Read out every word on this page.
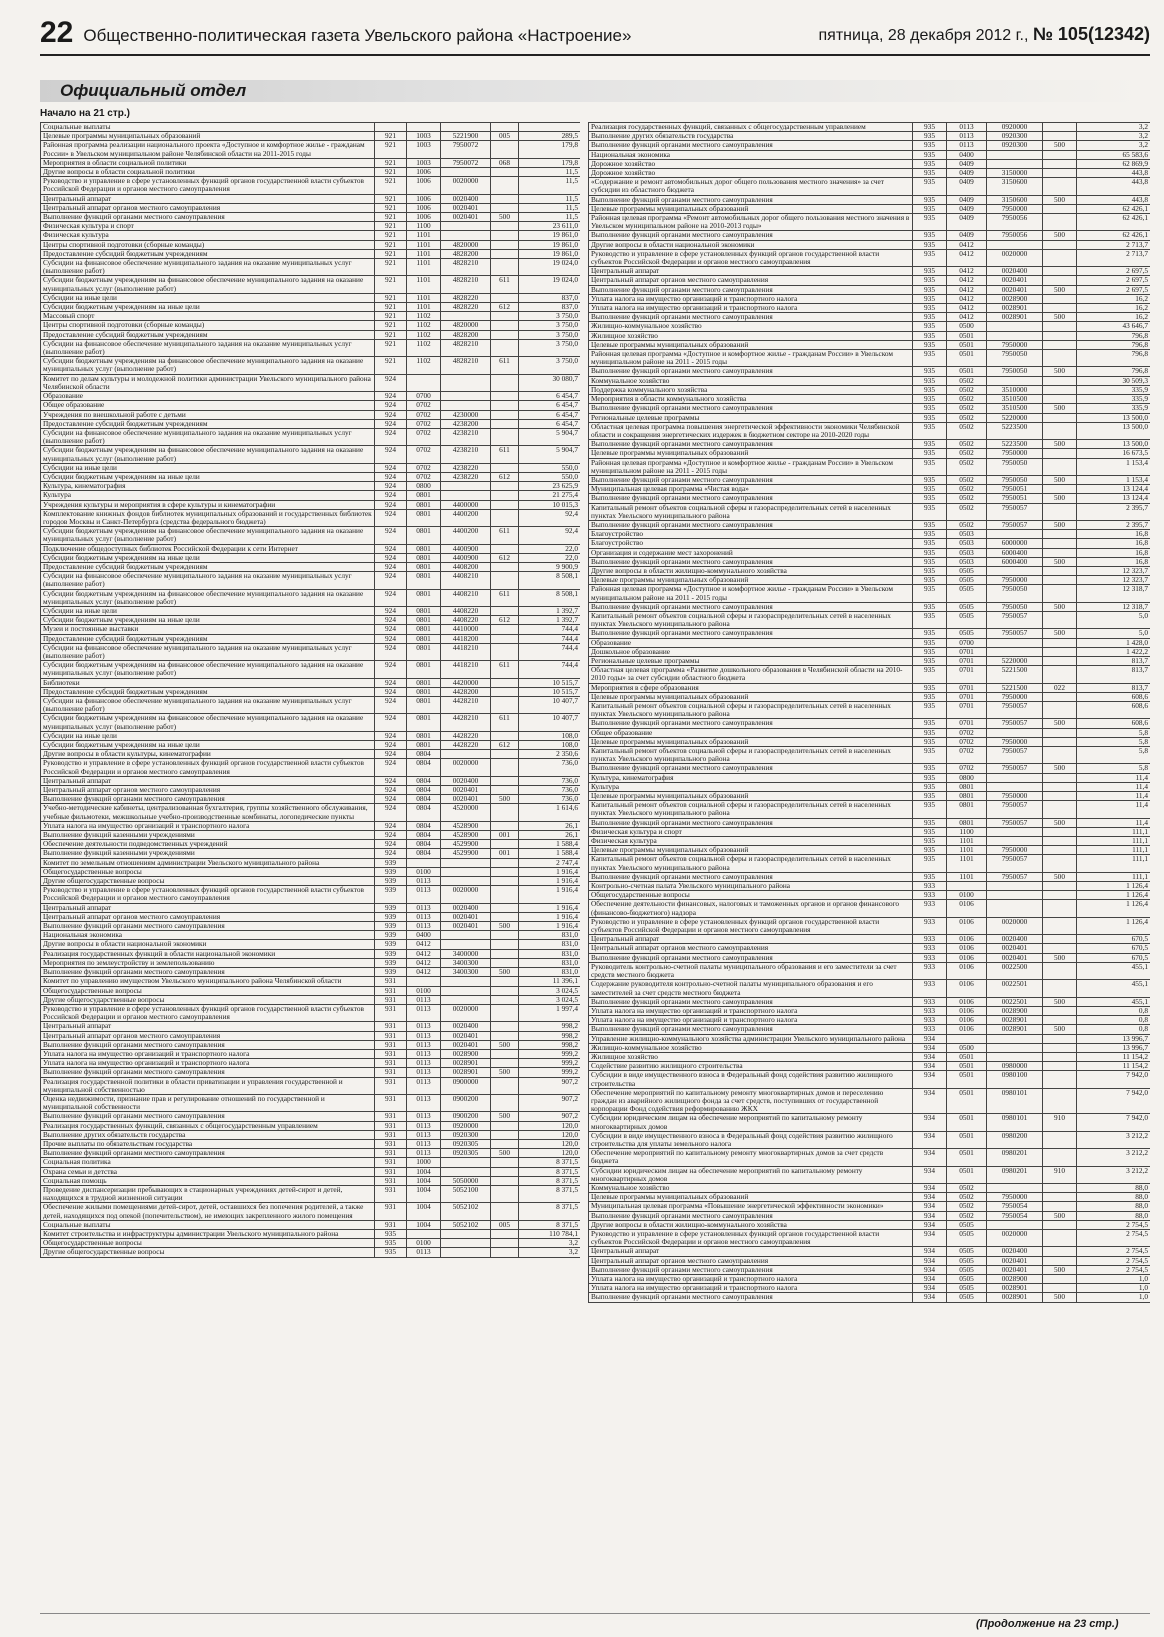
22 Общественно-политическая газета Увельского района «Настроение»	пятница, 28 декабря 2012 г., № 105(12342)
Официальный отдел
Начало на 21 стр.)
Социальные выплаты					
Целевые программы муниципальных образований	921	1003	5221900	005	289,5
Районная программа реализации национального проекта «Доступное и комфортное жилье - гражданам России» в Увельском муниципальном районе Челябинской области на 2011-2015 годы	921	1003	7950072		179,8
Мероприятия в области социальной политики	921	1003	7950072	068	179,8
Другие вопросы в области социальной политики	921	1006			11,5
Руководство и управление в сфере установленных функций органов государственной власти субъектов Российской Федерации и органов местного самоуправления	921	1006	0020000		11,5
Центральный аппарат	921	1006	0020400		11,5
Центральный аппарат органов местного самоуправления	921	1006	0020401		11,5
Выполнение функций органами местного самоуправления	921	1006	0020401	500	11,5
Физическая культура и спорт	921	1100			23 611,0
Физическая культура	921	1101			19 861,0
Центры спортивной подготовки (сборные команды)	921	1101	4820000		19 861,0
Предоставление субсидий бюджетным учреждениям	921	1101	4828200		19 861,0
Субсидии на финансовое обеспечение муниципального задания на оказание муниципальных услуг (выполнение работ)	921	1101	4828210		19 024,0
Субсидии бюджетным учреждениям на финансовое обеспечение муниципального задания на оказание муниципальных услуг (выполнение работ)	921	1101	4828210	611	19 024,0
Субсидии на иные цели	921	1101	4828220		837,0
Субсидии бюджетным учреждениям на иные цели	921	1101	4828220	612	837,0
Массовый спорт	921	1102			3 750,0
Центры спортивной подготовки (сборные команды)	921	1102	4820000		3 750,0
Предоставление субсидий бюджетным учреждениям	921	1102	4828200		3 750,0
Субсидии на финансовое обеспечение муниципального задания на оказание муниципальных услуг (выполнение работ)	921	1102	4828210		3 750,0
Субсидии бюджетным учреждениям на финансовое обеспечение муниципального задания на оказание муниципальных услуг (выполнение работ)	921	1102	4828210	611	3 750,0
Комитет по делам культуры и молодежной политики администрации Увельского муниципального района Челябинской области	924				30 080,7
Образование	924	0700			6 454,7
Общее образование	924	0702			6 454,7
Учреждения по внешкольной работе с детьми	924	0702	4230000		6 454,7
Предоставление субсидий бюджетным учреждениям	924	0702	4238200		6 454,7
Субсидии на финансовое обеспечение муниципального задания на оказание муниципальных услуг (выполнение работ)	924	0702	4238210		5 904,7
Субсидии бюджетным учреждениям на финансовое обеспечение муниципального задания на оказание муниципальных услуг (выполнение работ)	924	0702	4238210	611	5 904,7
Субсидии на иные цели	924	0702	4238220		550,0
Субсидии бюджетным учреждениям на иные цели	924	0702	4238220	612	550,0
Культура, кинематография	924	0800			23 625,9
Культура	924	0801			21 275,4
Учреждения культуры и мероприятия в сфере культуры и кинематографии	924	0801	4400000		10 015,3
Комплектование книжных фондов библиотек муниципальных образований и государственных библиотек городов Москвы и Санкт-Петербурга (средства федерального бюджета)	924	0801	4400200		92,4
Субсидии бюджетным учреждениям на финансовое обеспечение муниципального задания на оказание муниципальных услуг (выполнение работ)	924	0801	4400200	611	92,4
Подключение общедоступных библиотек Российской Федерации к сети Интернет	924	0801	4400900		22,0
Субсидии бюджетным учреждениям на иные цели	924	0801	4400900	612	22,0
Предоставление субсидий бюджетным учреждениям	924	0801	4408200		9 900,9
Субсидии на финансовое обеспечение муниципального задания на оказание муниципальных услуг (выполнение работ)	924	0801	4408210		8 508,1
Субсидии бюджетным учреждениям на финансовое обеспечение муниципального задания на оказание муниципальных услуг (выполнение работ)	924	0801	4408210	611	8 508,1
Субсидии на иные цели	924	0801	4408220		1 392,7
Субсидии бюджетным учреждениям на иные цели	924	0801	4408220	612	1 392,7
Музеи и постоянные выставки	924	0801	4410000		744,4
Предоставление субсидий бюджетным учреждениям	924	0801	4418200		744,4
Субсидии на финансовое обеспечение муниципального задания на оказание муниципальных услуг (выполнение работ)	924	0801	4418210		744,4
Субсидии бюджетным учреждениям на финансовое обеспечение муниципального задания на оказание муниципальных услуг (выполнение работ)	924	0801	4418210	611	744,4
Библиотеки	924	0801	4420000		10 515,7
Предоставление субсидий бюджетным учреждениям	924	0801	4428200		10 515,7
Субсидии на финансовое обеспечение муниципального задания на оказание муниципальных услуг (выполнение работ)	924	0801	4428210		10 407,7
Субсидии бюджетным учреждениям на финансовое обеспечение муниципального задания на оказание муниципальных услуг (выполнение работ)	924	0801	4428210	611	10 407,7
Субсидии на иные цели	924	0801	4428220		108,0
Субсидии бюджетным учреждениям на иные цели	924	0801	4428220	612	108,0
Другие вопросы в области культуры, кинематографии	924	0804			2 350,6
Руководство и управление в сфере установленных функций органов государственной власти субъектов Российской Федерации и органов местного самоуправления	924	0804	0020000		736,0
Центральный аппарат	924	0804	0020400		736,0
Центральный аппарат органов местного самоуправления	924	0804	0020401		736,0
Выполнение функций органами местного самоуправления	924	0804	0020401	500	736,0
Учебно-методические кабинеты, централизованная бухгалтерия, группы хозяйственного обслуживания, учебные фильмотеки, межшкольные учебно-производственные комбинаты, логопедические пункты	924	0804	4520000		1 614,6
Уплата налога на имущество организаций и транспортного налога	924	0804	4528900		26,1
Выполнение функций казенными учреждениями	924	0804	4528900	001	26,1
Обеспечение деятельности подведомственных учреждений	924	0804	4529900		1 588,4
Выполнение функций казенными учреждениями	924	0804	4529900	001	1 588,4
Комитет по земельным отношениям администрации Увельского муниципального района	939				2 747,4
Общегосударственные вопросы	939	0100			1 916,4
Другие общегосударственные вопросы	939	0113			1 916,4
Руководство и управление в сфере установленных функций органов государственной власти субъектов Российской Федерации и органов местного самоуправления	939	0113	0020000		1 916,4
Центральный аппарат	939	0113	0020400		1 916,4
Центральный аппарат органов местного самоуправления	939	0113	0020401		1 916,4
Выполнение функций органами местного самоуправления	939	0113	0020401	500	1 916,4
Национальная экономика	939	0400			831,0
Другие вопросы в области национальной экономики	939	0412			831,0
Реализация государственных функций в области национальной экономики	939	0412	3400000		831,0
Мероприятия по землеустройству и землепользованию	939	0412	3400300		831,0
Выполнение функций органами местного самоуправления	939	0412	3400300	500	831,0
Комитет по управлению имуществом Увельского муниципального района Челябинской области	931				11 396,1
Общегосударственные вопросы	931	0100			3 024,5
Другие общегосударственные вопросы	931	0113			3 024,5
Руководство и управление в сфере установленных функций органов государственной власти субъектов Российской Федерации и органов местного самоуправления	931	0113	0020000		1 997,4
Центральный аппарат	931	0113	0020400		998,2
Центральный аппарат органов местного самоуправления	931	0113	0020401		998,2
Выполнение функций органами местного самоуправления	931	0113	0020401	500	998,2
Уплата налога на имущество организаций и транспортного налога	931	0113	0028900		999,2
Уплата налога на имущество организаций и транспортного налога	931	0113	0028901		999,2
Выполнение функций органами местного самоуправления	931	0113	0028901	500	999,2
Реализация государственной политики в области приватизации и управления государственной и муниципальной собственностью	931	0113	0900000		907,2
Оценка недвижимости, признание прав и регулирование отношений по государственной и муниципальной собственности	931	0113	0900200		907,2
Выполнение функций органами местного самоуправления	931	0113	0900200	500	907,2
Реализация государственных функций, связанных с общегосударственным управлением	931	0113	0920000		120,0
Выполнение других обязательств государства	931	0113	0920300		120,0
Прочие выплаты по обязательствам государства	931	0113	0920305		120,0
Выполнение функций органами местного самоуправления	931	0113	0920305	500	120,0
Социальная политика	931	1000			8 371,5
Охрана семьи и детства	931	1004			8 371,5
Социальная помощь	931	1004	5050000		8 371,5
Проведение диспансеризации пребывающих в стационарных учреждениях детей-сирот и детей, находящихся в трудной жизненной ситуации	931	1004	5052100		8 371,5
Обеспечение жилыми помещениями детей-сирот, детей, оставшихся без попечения родителей, а также детей, находящихся под опекой (попечительством), не имеющих закрепленного жилого помещения	931	1004	5052102		8 371,5
Социальные выплаты	931	1004	5052102	005	8 371,5
Комитет строительства и инфраструктуры администрации Увельского муниципального района	935				110 784,1
Общегосударственные вопросы	935	0100			3,2
Другие общегосударственные вопросы	935	0113			3,2
Реализация государственных функций, связанных с общегосударственным управлением	935	0113	0920000		3,2
Выполнение других обязательств государства	935	0113	0920300		3,2
Выполнение функций органами местного самоуправления	935	0113	0920300	500	3,2
Национальная экономика	935	0400			65 583,6
Дорожное хозяйство	935	0409			62 869,9
Дорожное хозяйство	935	0409	3150000		443,8
«Содержание и ремонт автомобильных дорог общего пользования местного значения» за счет субсидии из областного бюджета	935	0409	3150600		443,8
Выполнение функций органами местного самоуправления	935	0409	3150600	500	443,8
Целевые программы муниципальных образований	935	0409	7950000		62 426,1
Районная целевая программа «Ремонт автомобильных дорог общего пользования местного значения в Увельском муниципальном районе на 2010-2013 годы»	935	0409	7950056		62 426,1
Выполнение функций органами местного самоуправления	935	0409	7950056	500	62 426,1
Другие вопросы в области национальной экономики	935	0412			2 713,7
Руководство и управление в сфере установленных функций органов государственной власти субъектов Российской Федерации и органов местного самоуправления	935	0412	0020000		2 713,7
Центральный аппарат	935	0412	0020400		2 697,5
Центральный аппарат органов местного самоуправления	935	0412	0020401		2 697,5
Выполнение функций органами местного самоуправления	935	0412	0020401	500	2 697,5
Уплата налога на имущество организаций и транспортного налога	935	0412	0028900		16,2
Уплата налога на имущество организаций и транспортного налога	935	0412	0028901		16,2
Выполнение функций органами местного самоуправления	935	0412	0028901	500	16,2
Жилищно-коммунальное хозяйство	935	0500			43 646,7
Жилищное хозяйство	935	0501			796,8
Целевые программы муниципальных образований	935	0501	7950000		796,8
Районная целевая программа «Доступное и комфортное жилье - гражданам России» в Увельском муниципальном районе на 2011 - 2015 годы	935	0501	7950050		796,8
Выполнение функций органами местного самоуправления	935	0501	7950050	500	796,8
Коммунальное хозяйство	935	0502			30 509,3
Поддержка коммунального хозяйства	935	0502	3510000		335,9
Мероприятия в области коммунального хозяйства	935	0502	3510500		335,9
Выполнение функций органами местного самоуправления	935	0502	3510500	500	335,9
Региональные целевые программы	935	0502	5220000		13 500,0
Областная целевая программа повышения энергетической эффективности экономики Челябинской области и сокращения энергетических издержек в бюджетном секторе на 2010-2020 годы	935	0502	5223500		13 500,0
Выполнение функций органами местного самоуправления	935	0502	5223500	500	13 500,0
Целевые программы муниципальных образований	935	0502	7950000		16 673,5
Районная целевая программа «Доступное и комфортное жилье - гражданам России» в Увельском муниципальном районе на 2011 - 2015 годы	935	0502	7950050		1 153,4
Выполнение функций органами местного самоуправления	935	0502	7950050	500	1 153,4
Муниципальная целевая программа «Чистая вода»	935	0502	7950051		13 124,4
Выполнение функций органами местного самоуправления	935	0502	7950051	500	13 124,4
Капитальный ремонт объектов социальной сферы и газораспределительных сетей в населенных пунктах Увельского муниципального района	935	0502	7950057		2 395,7
Выполнение функций органами местного самоуправления	935	0502	7950057	500	2 395,7
Благоустройство	935	0503			16,8
Благоустройство	935	0503	6000000		16,8
Организация и содержание мест захоронений	935	0503	6000400		16,8
Выполнение функций органами местного самоуправления	935	0503	6000400	500	16,8
Другие вопросы в области жилищно-коммунального хозяйства	935	0505			12 323,7
Целевые программы муниципальных образований	935	0505	7950000		12 323,7
Районная целевая программа «Доступное и комфортное жилье - гражданам России» в Увельском муниципальном районе на 2011 - 2015 годы	935	0505	7950050		12 318,7
Выполнение функций органами местного самоуправления	935	0505	7950050	500	12 318,7
Капитальный ремонт объектов социальной сферы и газораспределительных сетей в населенных пунктах Увельского муниципального района	935	0505	7950057		5,0
Выполнение функций органами местного самоуправления	935	0505	7950057	500	5,0
Образование	935	0700			1 428,0
Дошкольное образование	935	0701			1 422,2
Региональные целевые программы	935	0701	5220000		813,7
Областная целевая программа «Развитие дошкольного образования в Челябинской области на 2010-2010 годы» за счет субсидии областного бюджета	935	0701	5221500		813,7
Мероприятия в сфере образования	935	0701	5221500	022	813,7
Целевые программы муниципальных образований	935	0701	7950000		608,6
Капитальный ремонт объектов социальной сферы и газораспределительных сетей в населенных пунктах Увельского муниципального района	935	0701	7950057		608,6
Выполнение функций органами местного самоуправления	935	0701	7950057	500	608,6
Общее образование	935	0702			5,8
Целевые программы муниципальных образований	935	0702	7950000		5,8
Капитальный ремонт объектов социальной сферы и газораспределительных сетей в населенных пунктах Увельского муниципального района	935	0702	7950057		5,8
Выполнение функций органами местного самоуправления	935	0702	7950057	500	5,8
Культура, кинематография	935	0800			11,4
Культура	935	0801			11,4
Целевые программы муниципальных образований	935	0801	7950000		11,4
Капитальный ремонт объектов социальной сферы и газораспределительных сетей в населенных пунктах Увельского муниципального района	935	0801	7950057		11,4
Выполнение функций органами местного самоуправления	935	0801	7950057	500	11,4
Физическая культура и спорт	935	1100			111,1
Физическая культура	935	1101			111,1
Целевые программы муниципальных образований	935	1101	7950000		111,1
Капитальный ремонт объектов социальной сферы и газораспределительных сетей в населенных пунктах Увельского муниципального района	935	1101	7950057		111,1
Выполнение функций органами местного самоуправления	935	1101	7950057	500	111,1
Контрольно-счетная палата Увельского муниципального района	933				1 126,4
Общегосударственные вопросы	933	0100			1 126,4
Обеспечение деятельности финансовых, налоговых и таможенных органов и органов финансового (финансово-бюджетного) надзора	933	0106			1 126,4
Руководство и управление в сфере установленных функций органов государственной власти субъектов Российской Федерации и органов местного самоуправления	933	0106	0020000		1 126,4
Центральный аппарат	933	0106	0020400		670,5
Центральный аппарат органов местного самоуправления	933	0106	0020401		670,5
Выполнение функций органами местного самоуправления	933	0106	0020401	500	670,5
Руководитель контрольно-счетной палаты муниципального образования и его заместители за счет средств местного бюджета	933	0106	0022500		455,1
Содержание руководителя контрольно-счетной палаты муниципального образования и его заместителей за счет средств местного бюджета	933	0106	0022501		455,1
Выполнение функций органами местного самоуправления	933	0106	0022501	500	455,1
Уплата налога на имущество организаций и транспортного налога	933	0106	0028900		0,8
Уплата налога на имущество организаций и транспортного налога	933	0106	0028901		0,8
Выполнение функций органами местного самоуправления	933	0106	0028901	500	0,8
Управление жилищно-коммунального хозяйства администрации Увельского муниципального района	934				13 996,7
Жилищно-коммунальное хозяйство	934	0500			13 996,7
Жилищное хозяйство	934	0501			11 154,2
Содействие развитию жилищного строительства	934	0501	0980000		11 154,2
Субсидии в виде имущественного взноса в Федеральный фонд содействия развитию жилищного строительства	934	0501	0980100		7 942,0
Обеспечение мероприятий по капитальному ремонту многоквартирных домов и переселению граждан из аварийного жилищного фонда за счет средств, поступивших от государственной корпорации Фонд содействия реформированию ЖКХ	934	0501	0980101		7 942,0
Субсидии юридическим лицам на обеспечение мероприятий по капитальному ремонту многоквартирных домов	934	0501	0980101	910	7 942,0
Субсидии в виде имущественного взноса в Федеральный фонд содействия развитию жилищного строительства для уплаты земельного налога	934	0501	0980200		3 212,2
Обеспечение мероприятий по капитальному ремонту многоквартирных домов за счет средств бюджета	934	0501	0980201		3 212,2
Субсидии юридическим лицам на обеспечение мероприятий по капитальному ремонту многоквартирных домов	934	0501	0980201	910	3 212,2
Коммунальное хозяйство	934	0502			88,0
Целевые программы муниципальных образований	934	0502	7950000		88,0
Муниципальная целевая программа «Повышение энергетической эффективности экономики»	934	0502	7950054		88,0
Выполнение функций органами местного самоуправления	934	0502	7950054	500	88,0
Другие вопросы в области жилищно-коммунального хозяйства	934	0505			2 754,5
Руководство и управление в сфере установленных функций органов государственной власти субъектов Российской Федерации и органов местного самоуправления	934	0505	0020000		2 754,5
Центральный аппарат	934	0505	0020400		2 754,5
Центральный аппарат органов местного самоуправления	934	0505	0020401		2 754,5
Выполнение функций органами местного самоуправления	934	0505	0020401	500	2 754,5
Уплата налога на имущество организаций и транспортного налога	934	0505	0028900		1,0
Уплата налога на имущество организаций и транспортного налога	934	0505	0028901		1,0
Выполнение функций органами местного самоуправления	934	0505	0028901	500	1,0
(Продолжение на 23 стр.)
